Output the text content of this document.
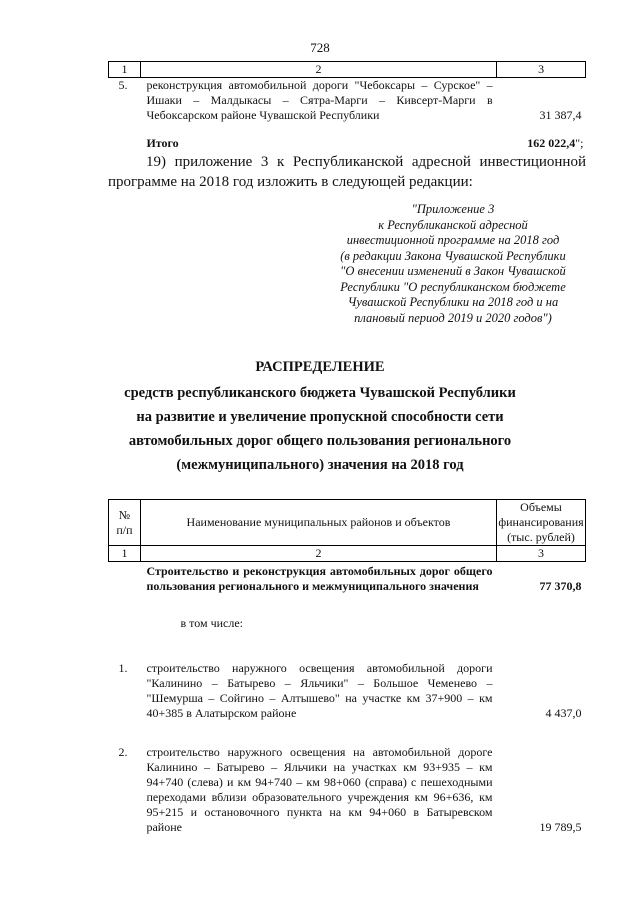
728
1	2	3
5.	реконструкция автомобильной дороги "Чебоксары – Сурское" – Ишаки – Малдыкасы – Сятра-Марги – Кивсерт-Марги в Чебоксарском районе Чувашской Республики	31 387,4
	Итого	162 022,4";
19) приложение 3 к Республиканской адресной инвестиционной программе на 2018 год изложить в следующей редакции:
"Приложение 3
к Республиканской адресной
инвестиционной программе на 2018 год
(в редакции Закона Чувашской Республики
"О внесении изменений в Закон Чувашской
Республики "О республиканском бюджете
Чувашской Республики на 2018 год и на
плановый период 2019 и 2020 годов")
РАСПРЕДЕЛЕНИЕ
средств республиканского бюджета Чувашской Республики
на развитие и увеличение пропускной способности сети
автомобильных дорог общего пользования регионального
(межмуниципального) значения на 2018 год
№ п/п	Наименование муниципальных районов и объектов	Объемы финансирования (тыс. рублей)
1	2	3
	Строительство и реконструкция автомобильных дорог общего пользования регионального и межмуниципального значения	77 370,8
	в том числе:	
1.	строительство наружного освещения автомобильной дороги "Калинино – Батырево – Яльчики" – Большое Чеменево – "Шемурша – Сойгино – Алтышево" на участке км 37+900 – км 40+385 в Алатырском районе	4 437,0
2.	строительство наружного освещения на автомобильной дороге Калинино – Батырево – Яльчики на участках км 93+935 – км 94+740 (слева) и км 94+740 – км 98+060 (справа) с пешеходными переходами вблизи образовательного учреждения км 96+636, км 95+215 и остановочного пункта на км 94+060 в Батыревском районе	19 789,5
